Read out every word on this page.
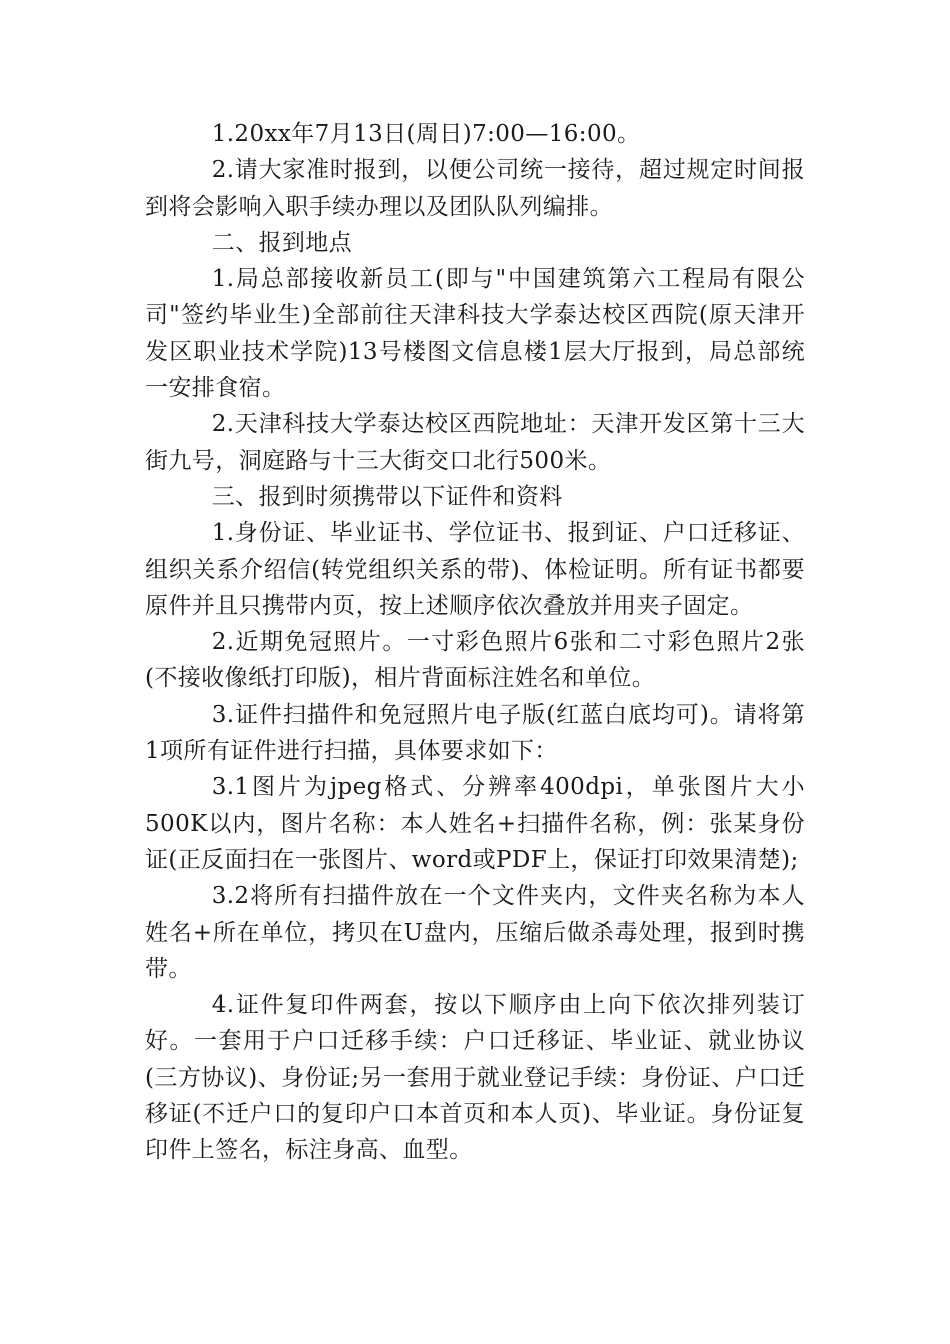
1.20xx年7月13日(周日)7:00—16:00。

2.请大家准时报到，以便公司统一接待，超过规定时间报到将会影响入职手续办理以及团队队列编排。

二、报到地点

1.局总部接收新员工(即与"中国建筑第六工程局有限公司"签约毕业生)全部前往天津科技大学泰达校区西院(原天津开发区职业技术学院)13号楼图文信息楼1层大厅报到，局总部统一安排食宿。

2.天津科技大学泰达校区西院地址：天津开发区第十三大街九号，洞庭路与十三大街交口北行500米。

三、报到时须携带以下证件和资料

1.身份证、毕业证书、学位证书、报到证、户口迁移证、组织关系介绍信(转党组织关系的带)、体检证明。所有证书都要原件并且只携带内页，按上述顺序依次叠放并用夹子固定。

2.近期免冠照片。一寸彩色照片6张和二寸彩色照片2张(不接收像纸打印版)，相片背面标注姓名和单位。

3.证件扫描件和免冠照片电子版(红蓝白底均可)。请将第1项所有证件进行扫描，具体要求如下：

3.1图片为jpeg格式、分辨率400dpi，单张图片大小500K以内，图片名称：本人姓名+扫描件名称，例：张某身份证(正反面扫在一张图片、word或PDF上，保证打印效果清楚);

3.2将所有扫描件放在一个文件夹内，文件夹名称为本人姓名+所在单位，拷贝在U盘内，压缩后做杀毒处理，报到时携带。

4.证件复印件两套，按以下顺序由上向下依次排列装订好。一套用于户口迁移手续：户口迁移证、毕业证、就业协议(三方协议)、身份证;另一套用于就业登记手续：身份证、户口迁移证(不迁户口的复印户口本首页和本人页)、毕业证。身份证复印件上签名，标注身高、血型。
